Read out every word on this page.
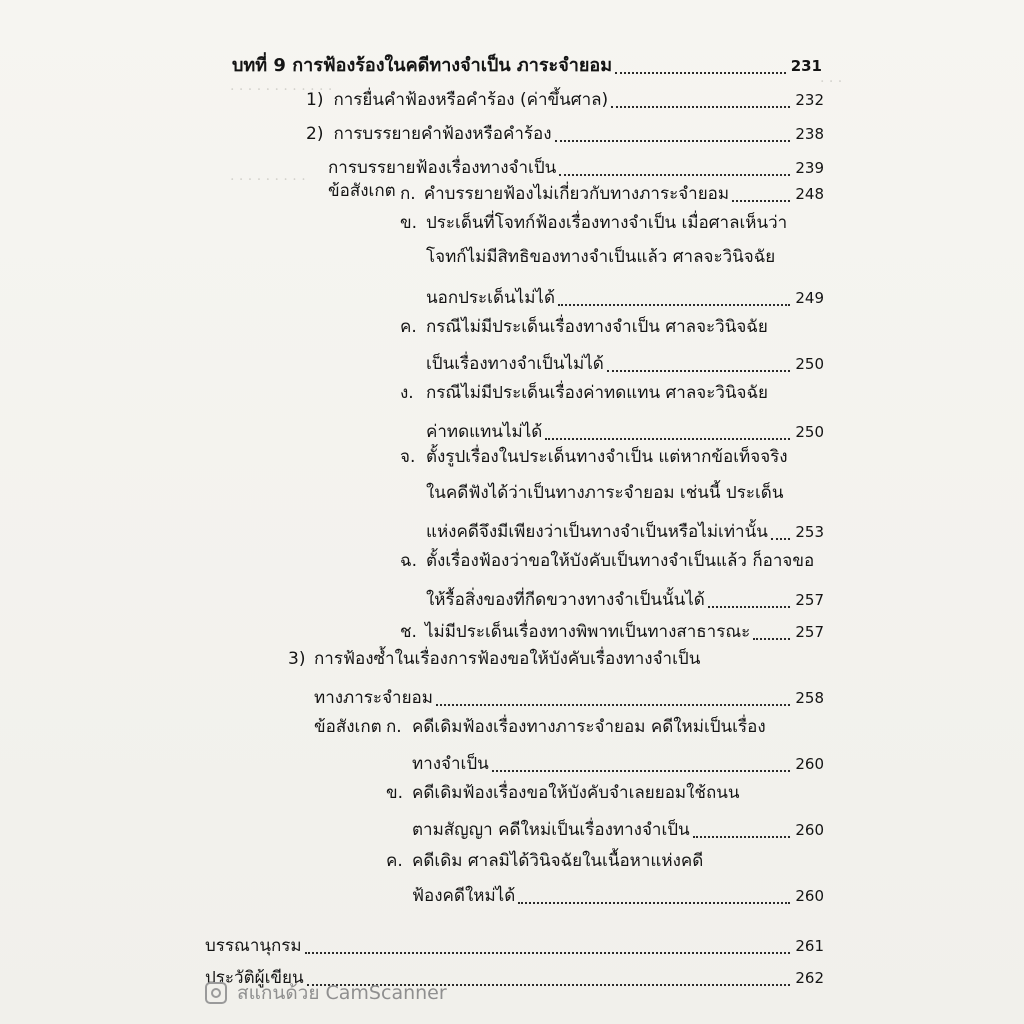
. . . . . . . . . . . .
. . . . . . . . .
. . .
บทที่ 9 การฟ้องร้องในคดีทางจำเป็น ภาระจำยอม	231
1) การยื่นคำฟ้องหรือคำร้อง (ค่าขึ้นศาล)	232
2) การบรรยายคำฟ้องหรือคำร้อง	238
การบรรยายฟ้องเรื่องทางจำเป็น	239
ข้อสังเกต ก. คำบรรยายฟ้องไม่เกี่ยวกับทางภาระจำยอม	248
ข. ประเด็นที่โจทก์ฟ้องเรื่องทางจำเป็น เมื่อศาลเห็นว่า
โจทก์ไม่มีสิทธิของทางจำเป็นแล้ว ศาลจะวินิจฉัย
นอกประเด็นไม่ได้	249
ค. กรณีไม่มีประเด็นเรื่องทางจำเป็น ศาลจะวินิจฉัย
เป็นเรื่องทางจำเป็นไม่ได้	250
ง. กรณีไม่มีประเด็นเรื่องค่าทดแทน ศาลจะวินิจฉัย
ค่าทดแทนไม่ได้	250
จ. ตั้งรูปเรื่องในประเด็นทางจำเป็น แต่หากข้อเท็จจริง
ในคดีฟังได้ว่าเป็นทางภาระจำยอม เช่นนี้ ประเด็น
แห่งคดีจึงมีเพียงว่าเป็นทางจำเป็นหรือไม่เท่านั้น 253
ฉ. ตั้งเรื่องฟ้องว่าขอให้บังคับเป็นทางจำเป็นแล้ว ก็อาจขอ
ให้รื้อสิ่งของที่กีดขวางทางจำเป็นนั้นได้	257
ช. ไม่มีประเด็นเรื่องทางพิพาทเป็นทางสาธารณะ	257
3) การฟ้องซ้ำในเรื่องการฟ้องขอให้บังคับเรื่องทางจำเป็น
ทางภาระจำยอม	258
ข้อสังเกต ก. คดีเดิมฟ้องเรื่องทางภาระจำยอม คดีใหม่เป็นเรื่อง
ทางจำเป็น	260
ข. คดีเดิมฟ้องเรื่องขอให้บังคับจำเลยยอมใช้ถนน
ตามสัญญา คดีใหม่เป็นเรื่องทางจำเป็น	260
ค. คดีเดิม ศาลมิได้วินิจฉัยในเนื้อหาแห่งคดี
ฟ้องคดีใหม่ได้	260
บรรณานุกรม	261
ประวัติผู้เขียน	262
สแกนด้วย CamScanner
